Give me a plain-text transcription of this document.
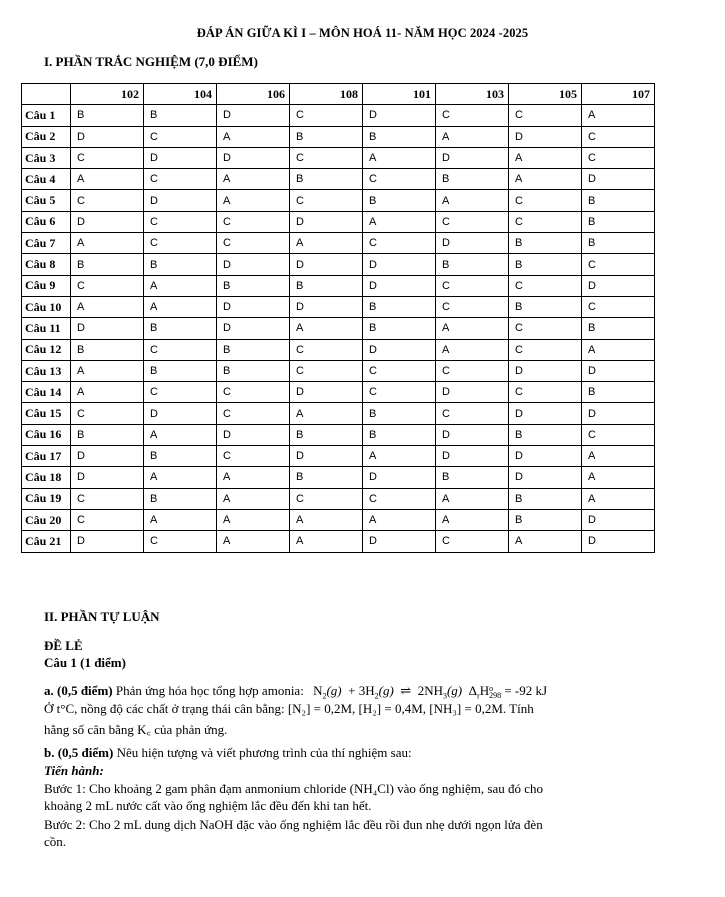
ĐÁP ÁN GIỮA KÌ I – MÔN HOÁ 11- NĂM HỌC 2024 -2025
I. PHẦN TRẮC NGHIỆM (7,0 ĐIỂM)
	102	104	106	108	101	103	105	107
Câu 1	B	B	D	C	D	C	C	A
Câu 2	D	C	A	B	B	A	D	C
Câu 3	C	D	D	C	A	D	A	C
Câu 4	A	C	A	B	C	B	A	D
Câu 5	C	D	A	C	B	A	C	B
Câu 6	D	C	C	D	A	C	C	B
Câu 7	A	C	C	A	C	D	B	B
Câu 8	B	B	D	D	D	B	B	C
Câu 9	C	A	B	B	D	C	C	D
Câu 10	A	A	D	D	B	C	B	C
Câu 11	D	B	D	A	B	A	C	B
Câu 12	B	C	B	C	D	A	C	A
Câu 13	A	B	B	C	C	C	D	D
Câu 14	A	C	C	D	C	D	C	B
Câu 15	C	D	C	A	B	C	D	D
Câu 16	B	A	D	B	B	D	B	C
Câu 17	D	B	C	D	A	D	D	A
Câu 18	D	A	A	B	D	B	D	A
Câu 19	C	B	A	C	C	A	B	A
Câu 20	C	A	A	A	A	A	B	D
Câu 21	D	C	A	A	D	C	A	D
II. PHẦN TỰ LUẬN
ĐỀ LẺ
Câu 1 (1 điểm)
a. (0,5 điểm) Phản ứng hóa học tổng hợp amonia: $N_2(g) + 3H_2(g)$ ⇌ $2NH_3(g)$ $\Delta_rHo$
298 = -92 kJ
Ở t°C, nồng độ các chất ở trạng thái cân bằng: [N₂] = 0,2M, [H₂] = 0,4M, [NH₃] = 0,2M. Tính
hằng số cân bằng K꜀ của phản ứng.
b. (0,5 điểm) Nêu hiện tượng và viết phương trình của thí nghiệm sau:
Tiến hành:
Bước 1: Cho khoảng 2 gam phân đạm anmonium chloride (NH₄Cl) vào ống nghiệm, sau đó cho
khoảng 2 mL nước cất vào ống nghiệm lắc đều đến khi tan hết.
Bước 2: Cho 2 mL dung dịch NaOH đặc vào ống nghiệm lắc đều rồi đun nhẹ dưới ngọn lửa đèn
cồn.
